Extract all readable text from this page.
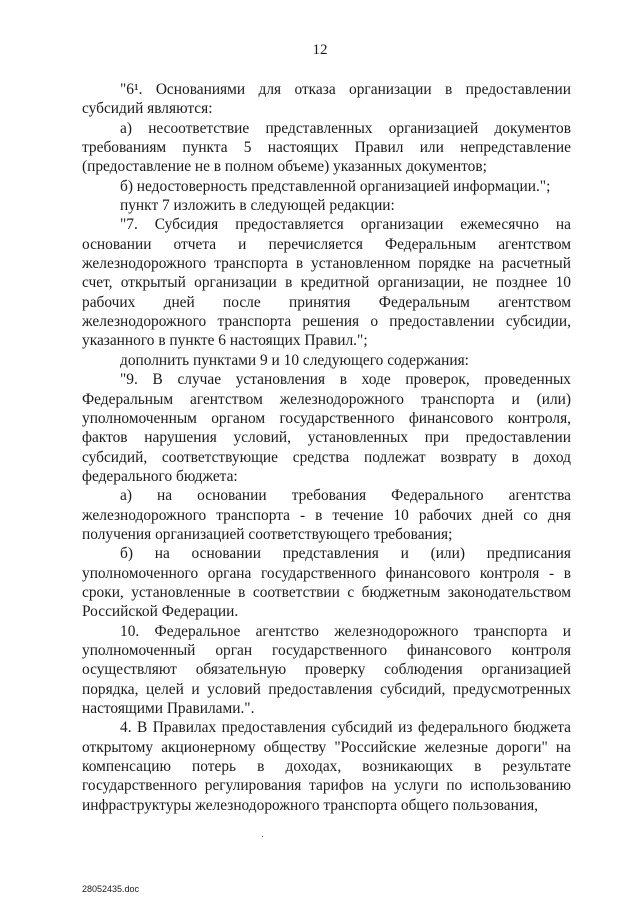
12

"6¹. Основаниями для отказа организации в предоставлении субсидий являются:

а) несоответствие представленных организацией документов требованиям пункта 5 настоящих Правил или непредставление (предоставление не в полном объеме) указанных документов;

б) недостоверность представленной организацией информации.";

пункт 7 изложить в следующей редакции:

"7. Субсидия предоставляется организации ежемесячно на основании отчета и перечисляется Федеральным агентством железнодорожного транспорта в установленном порядке на расчетный счет, открытый организации в кредитной организации, не позднее 10 рабочих дней после принятия Федеральным агентством железнодорожного транспорта решения о предоставлении субсидии, указанного в пункте 6 настоящих Правил.";

дополнить пунктами 9 и 10 следующего содержания:

"9. В случае установления в ходе проверок, проведенных Федеральным агентством железнодорожного транспорта и (или) уполномоченным органом государственного финансового контроля, фактов нарушения условий, установленных при предоставлении субсидий, соответствующие средства подлежат возврату в доход федерального бюджета:

а) на основании требования Федерального агентства железнодорожного транспорта - в течение 10 рабочих дней со дня получения организацией соответствующего требования;

б) на основании представления и (или) предписания уполномоченного органа государственного финансового контроля - в сроки, установленные в соответствии с бюджетным законодательством Российской Федерации.

10. Федеральное агентство железнодорожного транспорта и уполномоченный орган государственного финансового контроля осуществляют обязательную проверку соблюдения организацией порядка, целей и условий предоставления субсидий, предусмотренных настоящими Правилами.".

4. В Правилах предоставления субсидий из федерального бюджета открытому акционерному обществу "Российские железные дороги" на компенсацию потерь в доходах, возникающих в результате государственного регулирования тарифов на услуги по использованию инфраструктуры железнодорожного транспорта общего пользования,

28052435.doc
